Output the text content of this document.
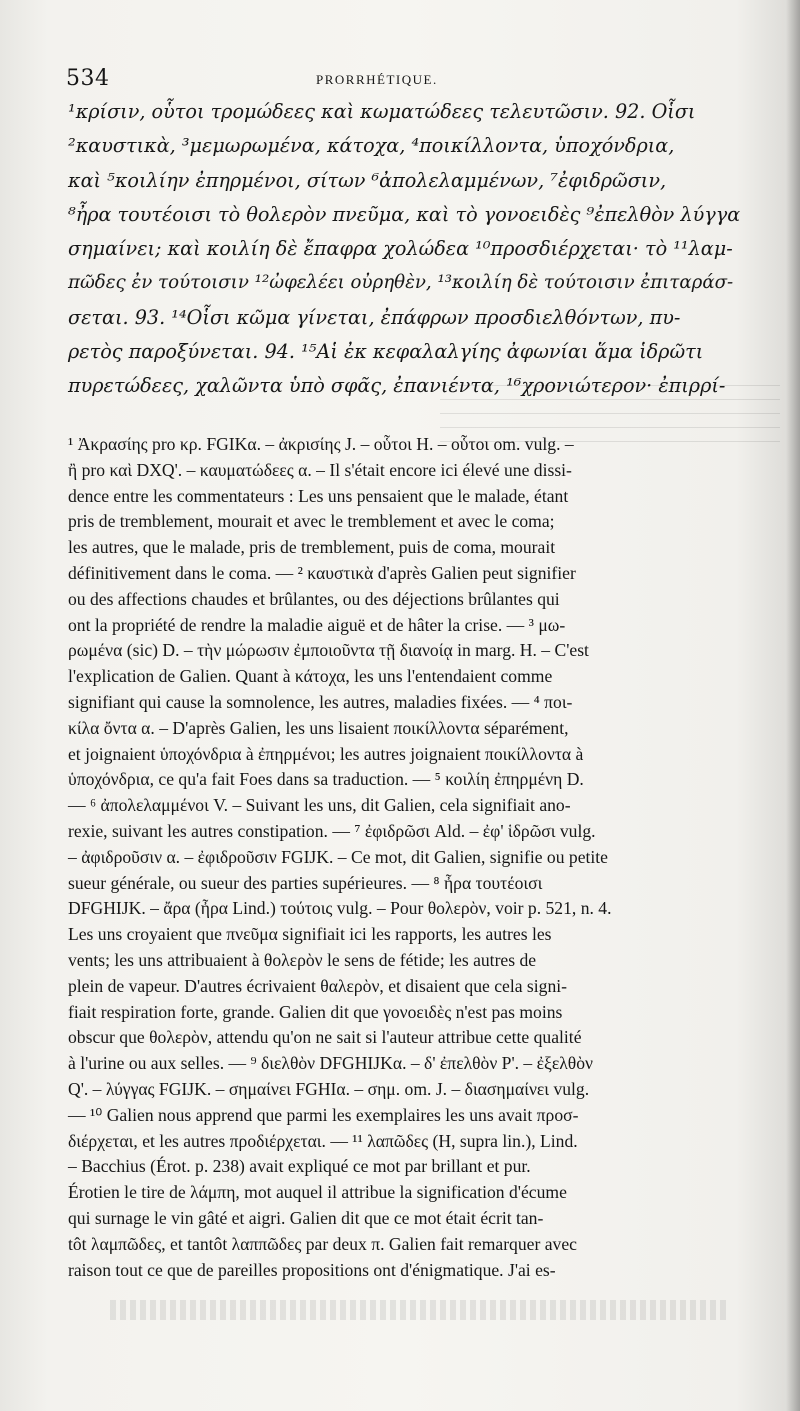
534	PRORRHÉTIQUE.
¹κρίσιν, οὗτοι τρομώδεες καὶ κωματώδεες τελευτῶσιν. 92. Οἷσι
²καυστικὰ, ³μεμωρωμένα, κάτοχα, ⁴ποικίλλοντα, ὑποχόνδρια,
καὶ ⁵κοιλίην ἐπηρμένοι, σίτων ⁶ἀπολελαμμένων, ⁷ἐφιδρῶσιν,
⁸ἦρα τουτέοισι τὸ θολερὸν πνεῦμα, καὶ τὸ γονοειδὲς ⁹ἐπελθὸν λύγγα
σημαίνει; καὶ κοιλίη δὲ ἔπαφρα χολώδεα ¹⁰προσδιέρχεται· τὸ ¹¹λαμ-
πῶδες ἐν τούτοισιν ¹²ὠφελέει οὐρηθὲν, ¹³κοιλίη δὲ τούτοισιν ἐπιταράσ-
σεται. 93. ¹⁴Οἷσι κῶμα γίνεται, ἐπάφρων προσδιελθόντων, πυ-
ρετὸς παροξύνεται. 94. ¹⁵Αἱ ἐκ κεφαλαλγίης ἀφωνίαι ἅμα ἱδρῶτι
πυρετώδεες, χαλῶντα ὑπὸ σφᾶς, ἐπανιέντα, ¹⁶χρονιώτερον· ἐπιρρί-
¹ Ἀκρασίης pro κρ. FGIKα. – ἀκρισίης J. – οὗτοι H. – οὗτοι om. vulg. –
ἢ pro καὶ DXQ'. – καυματώδεες α. – Il s'était encore ici élevé une dissi-
dence entre les commentateurs : Les uns pensaient que le malade, étant
pris de tremblement, mourait et avec le tremblement et avec le coma;
les autres, que le malade, pris de tremblement, puis de coma, mourait
définitivement dans le coma. — ² καυστικὰ d'après Galien peut signifier
ou des affections chaudes et brûlantes, ou des déjections brûlantes qui
ont la propriété de rendre la maladie aiguë et de hâter la crise. — ³ μω-
ρωμένα (sic) D. – τὴν μώρωσιν ἐμποιοῦντα τῇ διανοίᾳ in marg. H. – C'est
l'explication de Galien. Quant à κάτοχα, les uns l'entendaient comme
signifiant qui cause la somnolence, les autres, maladies fixées. — ⁴ ποι-
κίλα ὄντα α. – D'après Galien, les uns lisaient ποικίλλοντα séparément,
et joignaient ὑποχόνδρια à ἐπηρμένοι; les autres joignaient ποικίλλοντα à
ὑποχόνδρια, ce qu'a fait Foes dans sa traduction. — ⁵ κοιλίη ἐπηρμένη D.
— ⁶ ἀπολελαμμένοι V. – Suivant les uns, dit Galien, cela signifiait ano-
rexie, suivant les autres constipation. — ⁷ ἐφιδρῶσι Ald. – ἐφ' ἱδρῶσι vulg.
– ἀφιδροῦσιν α. – ἐφιδροῦσιν FGIJK. – Ce mot, dit Galien, signifie ou petite
sueur générale, ou sueur des parties supérieures. — ⁸ ἦρα τουτέοισι
DFGHIJK. – ἄρα (ἦρα Lind.) τούτοις vulg. – Pour θολερὸν, voir p. 521, n. 4.
Les uns croyaient que πνεῦμα signifiait ici les rapports, les autres les
vents; les uns attribuaient à θολερὸν le sens de fétide; les autres de
plein de vapeur. D'autres écrivaient θαλερὸν, et disaient que cela signi-
fiait respiration forte, grande. Galien dit que γονοειδὲς n'est pas moins
obscur que θολερὸν, attendu qu'on ne sait si l'auteur attribue cette qualité
à l'urine ou aux selles. — ⁹ διελθὸν DFGHIJKα. – δ' ἐπελθὸν P'. – ἐξελθὸν
Q'. – λύγγας FGIJK. – σημαίνει FGHIα. – σημ. om. J. – διασημαίνει vulg.
— ¹⁰ Galien nous apprend que parmi les exemplaires les uns avait προσ-
διέρχεται, et les autres προδιέρχεται. — ¹¹ λαπῶδες (H, supra lin.), Lind.
– Bacchius (Érot. p. 238) avait expliqué ce mot par brillant et pur.
Érotien le tire de λάμπη, mot auquel il attribue la signification d'écume
qui surnage le vin gâté et aigri. Galien dit que ce mot était écrit tan-
tôt λαμπῶδες, et tantôt λαππῶδες par deux π. Galien fait remarquer avec
raison tout ce que de pareilles propositions ont d'énigmatique. J'ai es-
